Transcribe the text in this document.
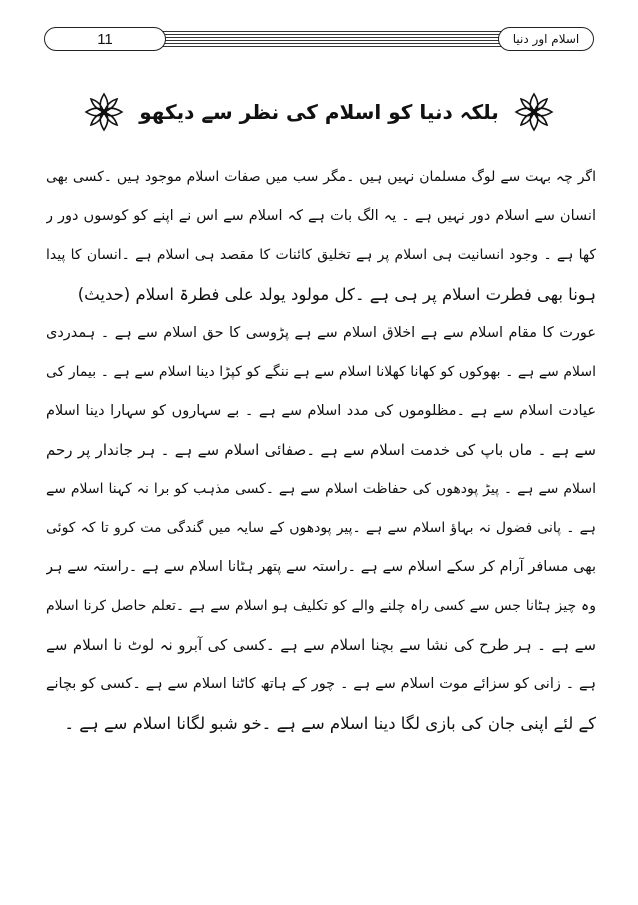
11	اسلام اور دنیا
بلکہ دنیا کو اسلام کی نظر سے دیکھو
اگر چہ بہت سے لوگ مسلمان نہیں ہیں ۔مگر سب میں صفات اسلام موجود ہیں ۔کسی بھی
انسان سے اسلام دور نہیں ہے ۔ یہ الگ بات ہے کہ اسلام سے اس نے اپنے کو کوسوں دور ر
کھا ہے ۔ وجود انسانیت ہی اسلام پر ہے تخلیق کائنات کا مقصد ہی اسلام ہے ۔انسان کا پیدا
ہونا بھی فطرت اسلام پر ہی ہے ۔کل مولود یولد علی فطرۃ اسلام (حدیث)
عورت کا مقام اسلام سے ہے اخلاق اسلام سے ہے پڑوسی کا حق اسلام سے ہے ۔ ہمدردی
اسلام سے ہے ۔ بھوکوں کو کھانا کھلانا اسلام سے ہے ننگے کو کپڑا دینا اسلام سے ہے ۔ بیمار کی
عیادت اسلام سے ہے ۔مظلوموں کی مدد اسلام سے ہے ۔ بے سہاروں کو سہارا دینا اسلام
سے ہے ۔ ماں باپ کی خدمت اسلام سے ہے ۔صفائی اسلام سے ہے ۔ ہر جاندار پر رحم
اسلام سے ہے ۔ پیڑ پودھوں کی حفاظت اسلام سے ہے ۔کسی مذہب کو برا نہ کہنا اسلام سے
ہے ۔ پانی فضول نہ بہاؤ اسلام سے ہے ۔پیر پودھوں کے سایہ میں گندگی مت کرو تا کہ کوئی
بھی مسافر آرام کر سکے اسلام سے ہے ۔راستہ سے پتھر ہٹانا اسلام سے ہے ۔راستہ سے ہر
وہ چیز ہٹانا جس سے کسی راہ چلنے والے کو تکلیف ہو اسلام سے ہے ۔تعلم حاصل کرنا اسلام
سے ہے ۔ ہر طرح کی نشا سے بچنا اسلام سے ہے ۔کسی کی آبرو نہ لوٹ نا اسلام سے
ہے ۔ زانی کو سزائے موت اسلام سے ہے ۔ چور کے ہاتھ کاٹنا اسلام سے ہے ۔کسی کو بچانے
کے لئے اپنی جان کی بازی لگا دینا اسلام سے ہے ۔خو شبو لگانا اسلام سے ہے ۔
